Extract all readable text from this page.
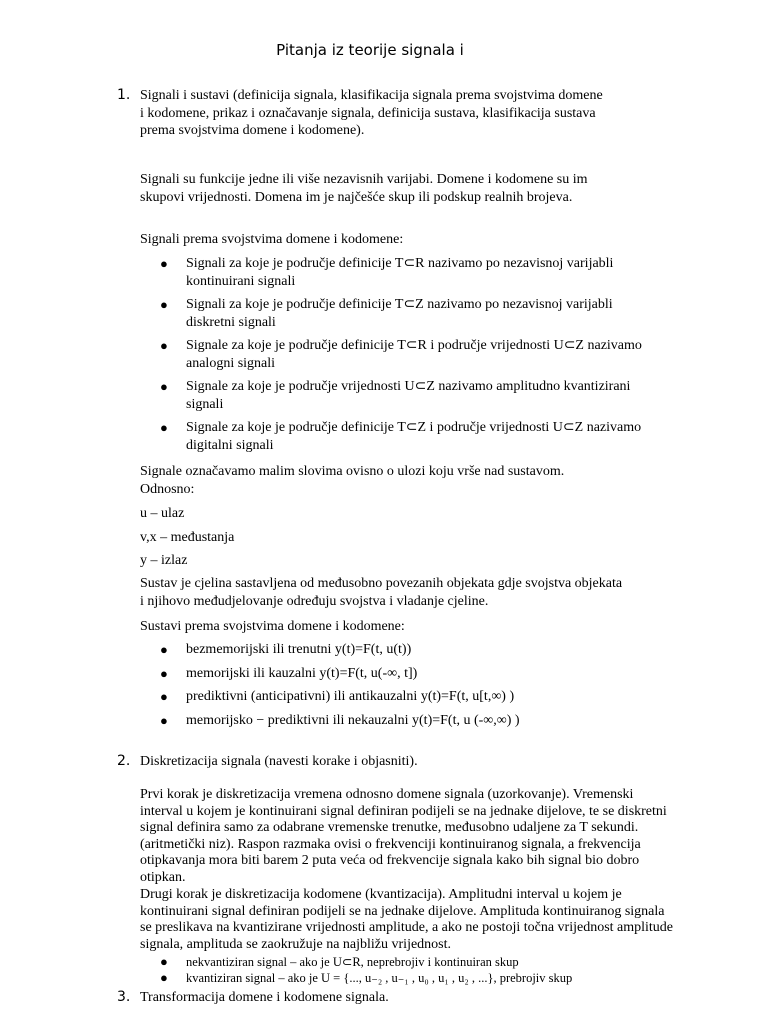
Pitanja iz teorije signala i
1. Signali i sustavi (definicija signala, klasifikacija signala prema svojstvima domene i kodomene, prikaz i označavanje signala, definicija sustava, klasifikacija sustava prema svojstvima domene i kodomene).
Signali su funkcije jedne ili više nezavisnih varijabi. Domene i kodomene su im skupovi vrijednosti. Domena im je najčešće skup ili podskup realnih brojeva.
Signali prema svojstvima domene i kodomene:
● Signali za koje je područje definicije T⊂R nazivamo po nezavisnoj varijabli kontinuirani signali
● Signali za koje je područje definicije T⊂Z nazivamo po nezavisnoj varijabli diskretni signali
● Signale za koje je područje definicije T⊂R i područje vrijednosti U⊂Z nazivamo analogni signali
● Signale za koje je područje vrijednosti U⊂Z nazivamo amplitudno kvantizirani signali
● Signale za koje je područje definicije T⊂Z i područje vrijednosti U⊂Z nazivamo digitalni signali
Signale označavamo malim slovima ovisno o ulozi koju vrše nad sustavom. Odnosno:
u – ulaz
v,x – međustanja
y – izlaz
Sustav je cjelina sastavljena od međusobno povezanih objekata gdje svojstva objekata i njihovo međudjelovanje određuju svojstva i vladanje cjeline.
Sustavi prema svojstvima domene i kodomene:
● bezmemorijski ili trenutni y(t)=F(t, u(t))
● memorijski ili kauzalni y(t)=F(t, u(-∞, t])
● prediktivni (anticipativni) ili antikauzalni y(t)=F(t, u[t,∞) )
● memorijsko − prediktivni ili nekauzalni y(t)=F(t, u (-∞,∞) )
2. Diskretizacija signala (navesti korake i objasniti).
Prvi korak je diskretizacija vremena odnosno domene signala (uzorkovanje). Vremenski interval u kojem je kontinuirani signal definiran podijeli se na jednake dijelove, te se diskretni signal definira samo za odabrane vremenske trenutke, međusobno udaljene za T sekundi. (aritmetički niz). Raspon razmaka ovisi o frekvenciji kontinuiranog signala, a frekvencija otipkavanja mora biti barem 2 puta veća od frekvencije signala kako bih signal bio dobro otipkan.
Drugi korak je diskretizacija kodomene (kvantizacija). Amplitudni interval u kojem je kontinuirani signal definiran podijeli se na jednake dijelove. Amplituda kontinuiranog signala se preslikava na kvantizirane vrijednosti amplitude, a ako ne postoji točna vrijednost amplitude signala, amplituda se zaokružuje na najbližu vrijednost.
● nekvantiziran signal – ako je U⊂R, neprebrojiv i kontinuiran skup
● kvantiziran signal – ako je U = {..., u₋₂ , u₋₁ , u₀ , u₁ , u₂ , ...}, prebrojiv skup
3. Transformacija domene i kodomene signala.
